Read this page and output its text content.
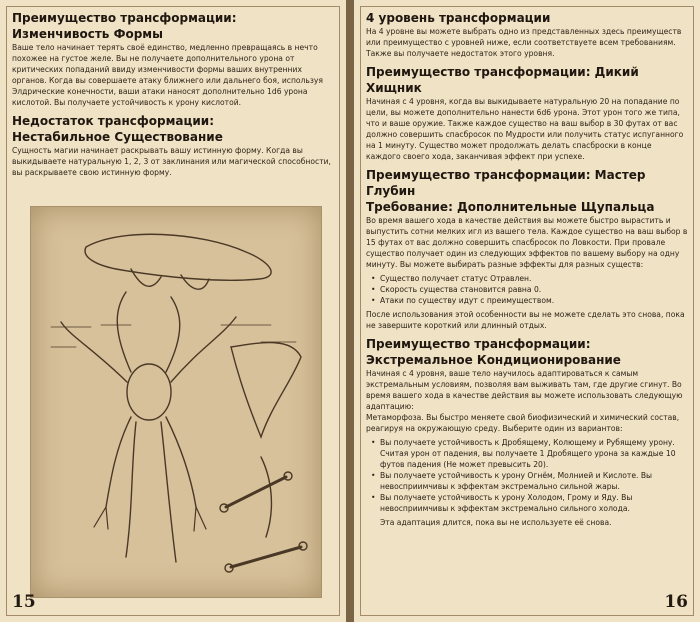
Преимущество трансформации:
Изменчивость Формы

Ваше тело начинает терять своё единство, медленно превращаясь в нечто похожее на густое желе. Вы не получаете дополнительного урона от критических попаданий ввиду изменчивости формы ваших внутренних органов. Когда вы совершаете атаку ближнего или дальнего боя, используя Элдрические конечности, ваши атаки наносят дополнительно 1d6 урона кислотой. Вы получаете устойчивость к урону кислотой.

Недостаток трансформации:
Нестабильное Существование

Сущность магии начинает раскрывать вашу истинную форму. Когда вы выкидываете натуральную 1, 2, 3 от заклинания или магической способности, вы раскрываете свою истинную форму.

15
4 уровень трансформации

На 4 уровне вы можете выбрать одно из представленных здесь преимуществ или преимущество с уровней ниже, если соответствуете всем требованиям. Также вы получаете недостаток этого уровня.

Преимущество трансформации: Дикий Хищник

Начиная с 4 уровня, когда вы выкидываете натуральную 20 на попадание по цели, вы можете дополнительно нанести 6d6 урона. Этот урон того же типа, что и ваше оружие. Также каждое существо на ваш выбор в 30 футах от вас должно совершить спасбросок по Мудрости или получить статус испуганного на 1 минуту. Существо может продолжать делать спасброски в конце каждого своего хода, заканчивая эффект при успехе.

Преимущество трансформации: Мастер Глубин
Требование: Дополнительные Щупальца

Во время вашего хода в качестве действия вы можете быстро вырастить и выпустить сотни мелких игл из вашего тела. Каждое существо на ваш выбор в 15 футах от вас должно совершить спасбросок по Ловкости. При провале существо получает один из следующих эффектов по вашему выбору на одну минуту. Вы можете выбирать разные эффекты для разных существ:

• Существо получает статус Отравлен.
• Скорость существа становится равна 0.
• Атаки по существу идут с преимуществом.

После использования этой особенности вы не можете сделать это снова, пока не завершите короткий или длинный отдых.

Преимущество трансформации:
Экстремальное Кондиционирование

Начиная с 4 уровня, ваше тело научилось адаптироваться к самым экстремальным условиям, позволяя вам выживать там, где другие сгинут. Во время вашего хода в качестве действия вы можете использовать следующую адаптацию:

Метаморфоза. Вы быстро меняете свой биофизический и химический состав, реагируя на окружающую среду. Выберите один из вариантов:

• Вы получаете устойчивость к Дробящему, Колющему и Рубящему урону. Считая урон от падения, вы получаете 1 Дробящего урона за каждые 10 футов падения (Не может превысить 20).
• Вы получаете устойчивость к урону Огнём, Молнией и Кислоте. Вы невосприимчивы к эффектам экстремально сильной жары.
• Вы получаете устойчивость к урону Холодом, Грому и Яду. Вы невосприимчивы к эффектам экстремально сильного холода.

Эта адаптация длится, пока вы не используете её снова.

16
